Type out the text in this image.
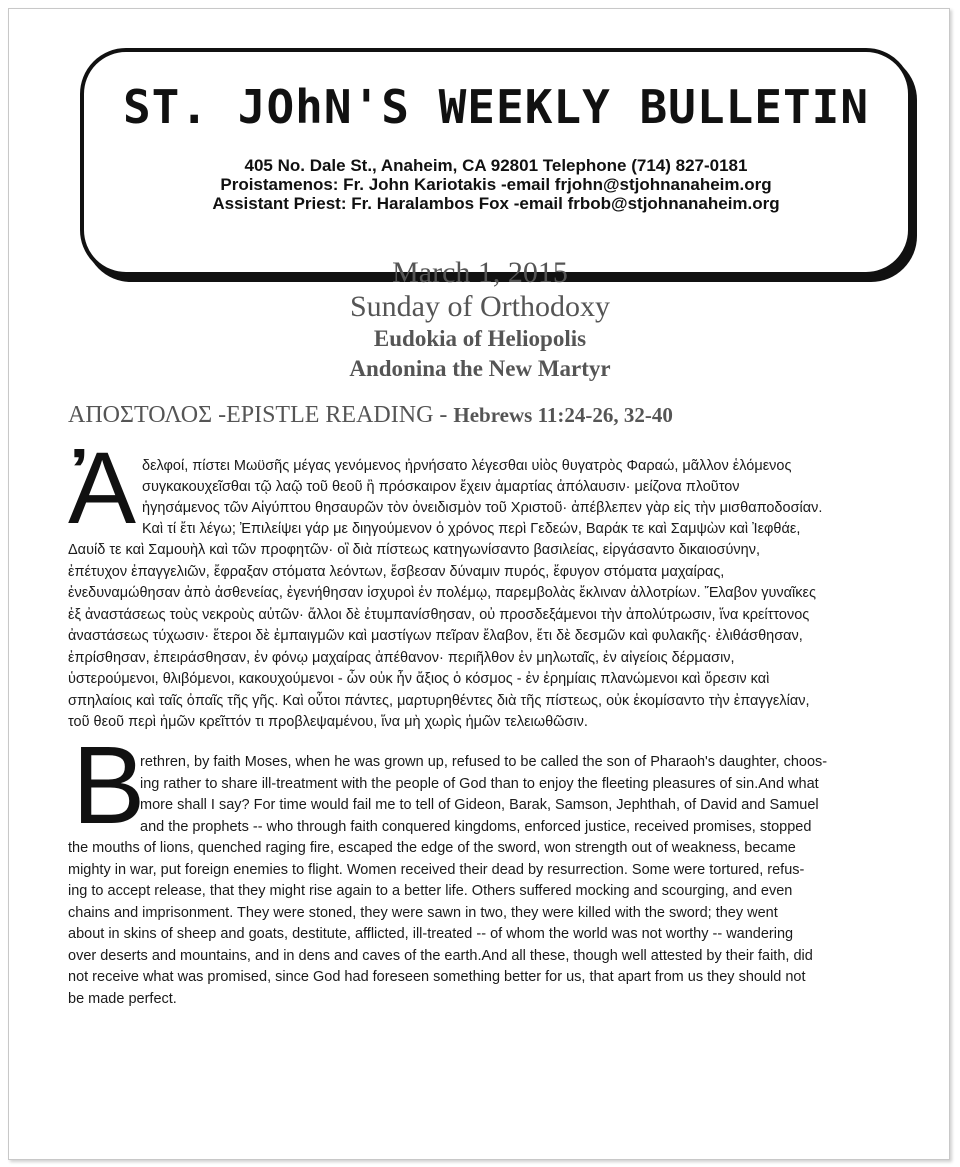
ST. JOhN'S WEEKLY BULLETIN
405 No. Dale St., Anaheim, CA 92801 Telephone (714) 827-0181
Proistamenos: Fr. John Kariotakis -email frjohn@stjohnanaheim.org
Assistant Priest: Fr. Haralambos Fox -email frbob@stjohnanaheim.org
March 1, 2015
Sunday of Orthodoxy
Eudokia of Heliopolis
Andonina the New Martyr
ΑΠΟΣΤΟΛΟΣ -EPISTLE READING - Hebrews 11:24-26, 32-40
Ἀ δελφοί, πίστει Μωϋσῆς μέγας γενόμενος ἠρνήσατο λέγεσθαι υἱὸς θυγατρὸς Φαραώ, μᾶλλον ἑλόμενος
συγκακουχεῖσθαι τῷ λαῷ τοῦ θεοῦ ἢ πρόσκαιρον ἔχειν ἁμαρτίας ἀπόλαυσιν· μείζονα πλοῦτον
ἡγησάμενος τῶν Αἰγύπτου θησαυρῶν τὸν ὀνειδισμὸν τοῦ Χριστοῦ· ἀπέβλεπεν γὰρ εἰς τὴν μισθαποδοσίαν.
Καὶ τί ἔτι λέγω; Ἐπιλείψει γάρ με διηγούμενον ὁ χρόνος περὶ Γεδεών, Βαράκ τε καὶ Σαμψὼν καὶ Ἰεφθάε,
Δαυίδ τε καὶ Σαμουὴλ καὶ τῶν προφητῶν· οἳ διὰ πίστεως κατηγωνίσαντο βασιλείας, εἰργάσαντο δικαιοσύνην,
ἐπέτυχον ἐπαγγελιῶν, ἔφραξαν στόματα λεόντων, ἔσβεσαν δύναμιν πυρός, ἔφυγον στόματα μαχαίρας,
ἐνεδυναμώθησαν ἀπὸ ἀσθενείας, ἐγενήθησαν ἰσχυροὶ ἐν πολέμῳ, παρεμβολὰς ἔκλιναν ἀλλοτρίων. Ἔλαβον γυναῖκες
ἐξ ἀναστάσεως τοὺς νεκροὺς αὐτῶν· ἄλλοι δὲ ἐτυμπανίσθησαν, οὐ προσδεξάμενοι τὴν ἀπολύτρωσιν, ἵνα κρείττονος
ἀναστάσεως τύχωσιν· ἕτεροι δὲ ἐμπαιγμῶν καὶ μαστίγων πεῖραν ἔλαβον, ἔτι δὲ δεσμῶν καὶ φυλακῆς· ἐλιθάσθησαν,
ἐπρίσθησαν, ἐπειράσθησαν, ἐν φόνῳ μαχαίρας ἀπέθανον· περιῆλθον ἐν μηλωταῖς, ἐν αἰγείοις δέρμασιν,
ὑστερούμενοι, θλιβόμενοι, κακουχούμενοι - ὧν οὐκ ἦν ἄξιος ὁ κόσμος - ἐν ἐρημίαις πλανώμενοι καὶ ὄρεσιν καὶ
σπηλαίοις καὶ ταῖς ὀπαῖς τῆς γῆς. Καὶ οὗτοι πάντες, μαρτυρηθέντες διὰ τῆς πίστεως, οὐκ ἐκομίσαντο τὴν ἐπαγγελίαν,
τοῦ θεοῦ περὶ ἡμῶν κρεῖττόν τι προβλεψαμένου, ἵνα μὴ χωρὶς ἡμῶν τελειωθῶσιν.
B
rethren, by faith Moses, when he was grown up, refused to be called the son of Pharaoh's daughter, choos-
ing rather to share ill-treatment with the people of God than to enjoy the fleeting pleasures of sin.And what
more shall I say? For time would fail me to tell of Gideon, Barak, Samson, Jephthah, of David and Samuel
and the prophets -- who through faith conquered kingdoms, enforced justice, received promises, stopped
the mouths of lions, quenched raging fire, escaped the edge of the sword, won strength out of weakness, became
mighty in war, put foreign enemies to flight. Women received their dead by resurrection. Some were tortured, refus-
ing to accept release, that they might rise again to a better life. Others suffered mocking and scourging, and even
chains and imprisonment. They were stoned, they were sawn in two, they were killed with the sword; they went
about in skins of sheep and goats, destitute, afflicted, ill-treated -- of whom the world was not worthy -- wandering
over deserts and mountains, and in dens and caves of the earth.And all these, though well attested by their faith, did
not receive what was promised, since God had foreseen something better for us, that apart from us they should not
be made perfect.
